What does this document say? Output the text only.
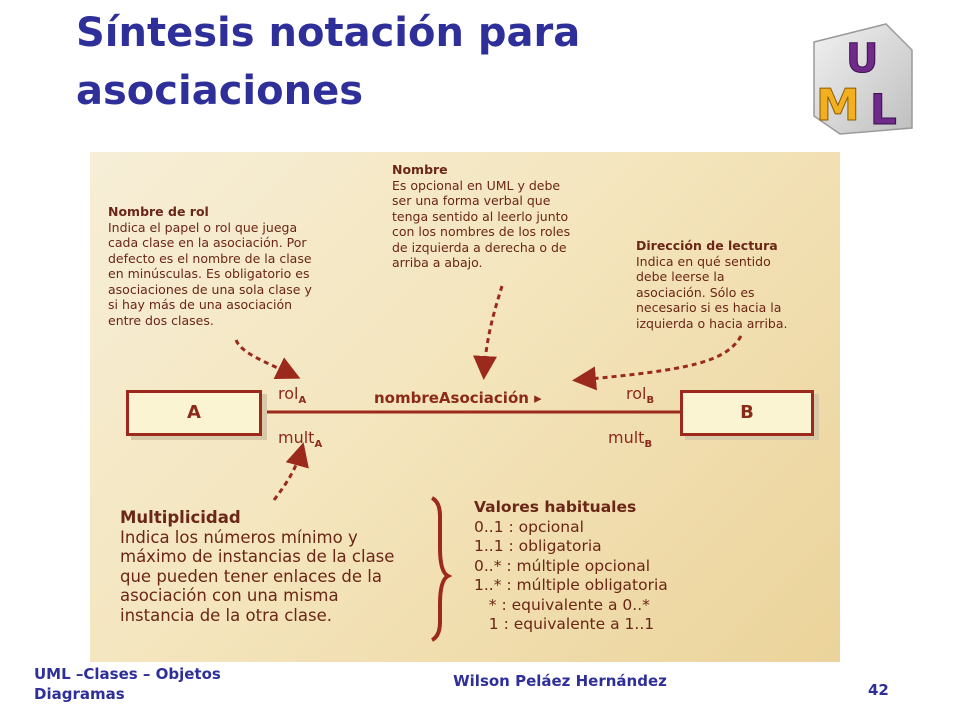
Síntesis notación para asociaciones
U
M L
Nombre
Es opcional en UML y debe
ser una forma verbal que
tenga sentido al leerlo junto
con los nombres de los roles
de izquierda a derecha o de
arriba a abajo.
Nombre de rol
Indica el papel o rol que juega
cada clase en la asociación. Por
defecto es el nombre de la clase
en minúsculas. Es obligatorio es
asociaciones de una sola clase y
si hay más de una asociación
entre dos clases.
Dirección de lectura
Indica en qué sentido
debe leerse la
asociación. Sólo es
necesario si es hacia la
izquierda o hacia arriba.
A	B
rol$_A$	rol$_B$
nombreAsociación ▸
mult$_A$	mult$_B$
Multiplicidad
Indica los números mínimo y
máximo de instancias de la clase
que pueden tener enlaces de la
asociación con una misma
instancia de la otra clase.
Valores habituales
0..1 : opcional
1..1 : obligatoria
0..* : múltiple opcional
1..* : múltiple obligatoria
* : equivalente a 0..*
1 : equivalente a 1..1
UML –Clases – Objetos
Diagramas
Wilson Peláez Hernández	42
